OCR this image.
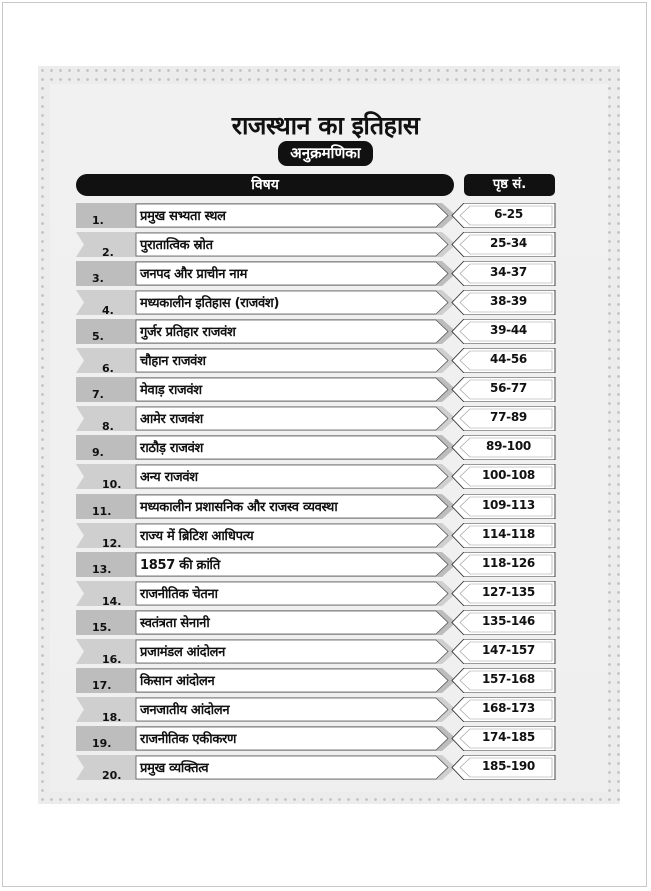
राजस्थान का इतिहास
अनुक्रमणिका
विषय	पृष्ठ सं.
1.	प्रमुख सभ्यता स्थल	6-25
2. पुरातात्विक स्रोत	25-34
3.	जनपद और प्राचीन नाम	34-37
4. मध्यकालीन इतिहास (राजवंश)	38-39
5.	गुर्जर प्रतिहार राजवंश	39-44
6. चौहान राजवंश	44-56
7.	मेवाड़ राजवंश	56-77
8. आमेर राजवंश	77-89
9.	राठौड़ राजवंश	89-100
10. अन्य राजवंश	100-108
11. मध्यकालीन प्रशासनिक और राजस्व व्यवस्था	109-113
12. राज्य में ब्रिटिश आधिपत्य	114-118
13. 1857 की क्रांति	118-126
14. राजनीतिक चेतना	127-135
15. स्वतंत्रता सेनानी	135-146
16. प्रजामंडल आंदोलन	147-157
17. किसान आंदोलन	157-168
18. जनजातीय आंदोलन	168-173
19. राजनीतिक एकीकरण	174-185
20. प्रमुख व्यक्तित्व	185-190
